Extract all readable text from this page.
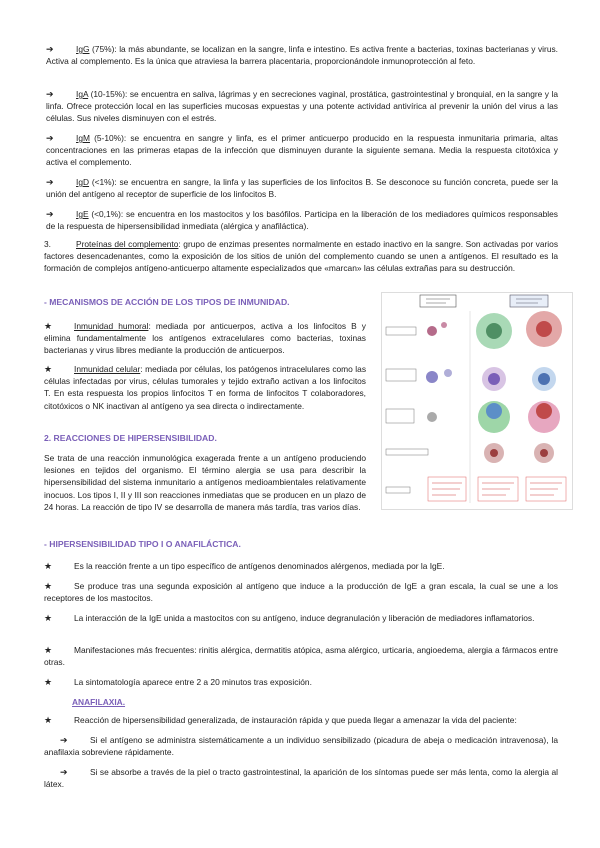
➔	IgG (75%): la más abundante, se localizan en la sangre, linfa e intestino. Es activa frente a bacterias, toxinas bacterianas y virus. Activa al complemento. Es la única que atraviesa la barrera placentaria, proporcionándole inmunoprotección al feto.
➔	IgA (10-15%): se encuentra en saliva, lágrimas y en secreciones vaginal, prostática, gastrointestinal y bronquial, en la sangre y la linfa. Ofrece protección local en las superficies mucosas expuestas y una potente actividad antivírica al prevenir la unión del virus a las células. Sus niveles disminuyen con el estrés.
➔	IgM (5-10%): se encuentra en sangre y linfa, es el primer anticuerpo producido en la respuesta inmunitaria primaria, altas concentraciones en las primeras etapas de la infección que disminuyen durante la siguiente semana. Media la respuesta citotóxica y activa el complemento.
➔	IgD (<1%): se encuentra en sangre, la linfa y las superficies de los linfocitos B. Se desconoce su función concreta, puede ser la unión del antígeno al receptor de superficie de los linfocitos B.
➔	IgE (<0,1%): se encuentra en los mastocitos y los basófilos. Participa en la liberación de los mediadores químicos responsables de la respuesta de hipersensibilidad inmediata (alérgica y anafiláctica).
3.	Proteínas del complemento: grupo de enzimas presentes normalmente en estado inactivo en la sangre. Son activadas por varios factores desencadenantes, como la exposición de los sitios de unión del complemento cuando se unen a antígenos. El resultado es la formación de complejos antígeno-anticuerpo altamente especializados que «marcan» las células extrañas para su destrucción.
- MECANISMOS DE ACCIÓN DE LOS TIPOS DE INMUNIDAD.
★	Inmunidad humoral: mediada por anticuerpos, activa a los linfocitos B y elimina fundamentalmente los antígenos extracelulares como bacterias, toxinas bacterianas y virus libres mediante la producción de anticuerpos.
★	Inmunidad celular: mediada por células, los patógenos intracelulares como las células infectadas por virus, células tumorales y tejido extraño activan a los linfocitos T. En esta respuesta los propios linfocitos T en forma de linfocitos T colaboradores, citotóxicos o NK inactivan al antígeno ya sea directa o indirectamente.
2. REACCIONES DE HIPERSENSIBILIDAD.
Se trata de una reacción inmunológica exagerada frente a un antígeno produciendo lesiones en tejidos del organismo. El término alergia se usa para describir la hipersensibilidad del sistema inmunitario a antígenos medioambientales relativamente inocuos. Los tipos I, II y III son reacciones inmediatas que se producen en un plazo de 24 horas. La reacción de tipo IV se desarrolla de manera más tardía, tras varios días.
- HIPERSENSIBILIDAD TIPO I O ANAFILÁCTICA.
★	Es la reacción frente a un tipo específico de antígenos denominados alérgenos, mediada por la IgE.
★	Se produce tras una segunda exposición al antígeno que induce a la producción de IgE a gran escala, la cual se une a los receptores de los mastocitos.
★	La interacción de la IgE unida a mastocitos con su antígeno, induce degranulación y liberación de mediadores inflamatorios.
★	Manifestaciones más frecuentes: rinitis alérgica, dermatitis atópica, asma alérgico, urticaria, angioedema, alergia a fármacos entre otras.
★	La sintomatología aparece entre 2 a 20 minutos tras exposición.
ANAFILAXIA.
★	Reacción de hipersensibilidad generalizada, de instauración rápida y que pueda llegar a amenazar la vida del paciente:
➔	Si el antígeno se administra sistemáticamente a un individuo sensibilizado (picadura de abeja o medicación intravenosa), la anafilaxia sobreviene rápidamente.
➔	Si se absorbe a través de la piel o tracto gastrointestinal, la aparición de los síntomas puede ser más lenta, como la alergia al látex.
